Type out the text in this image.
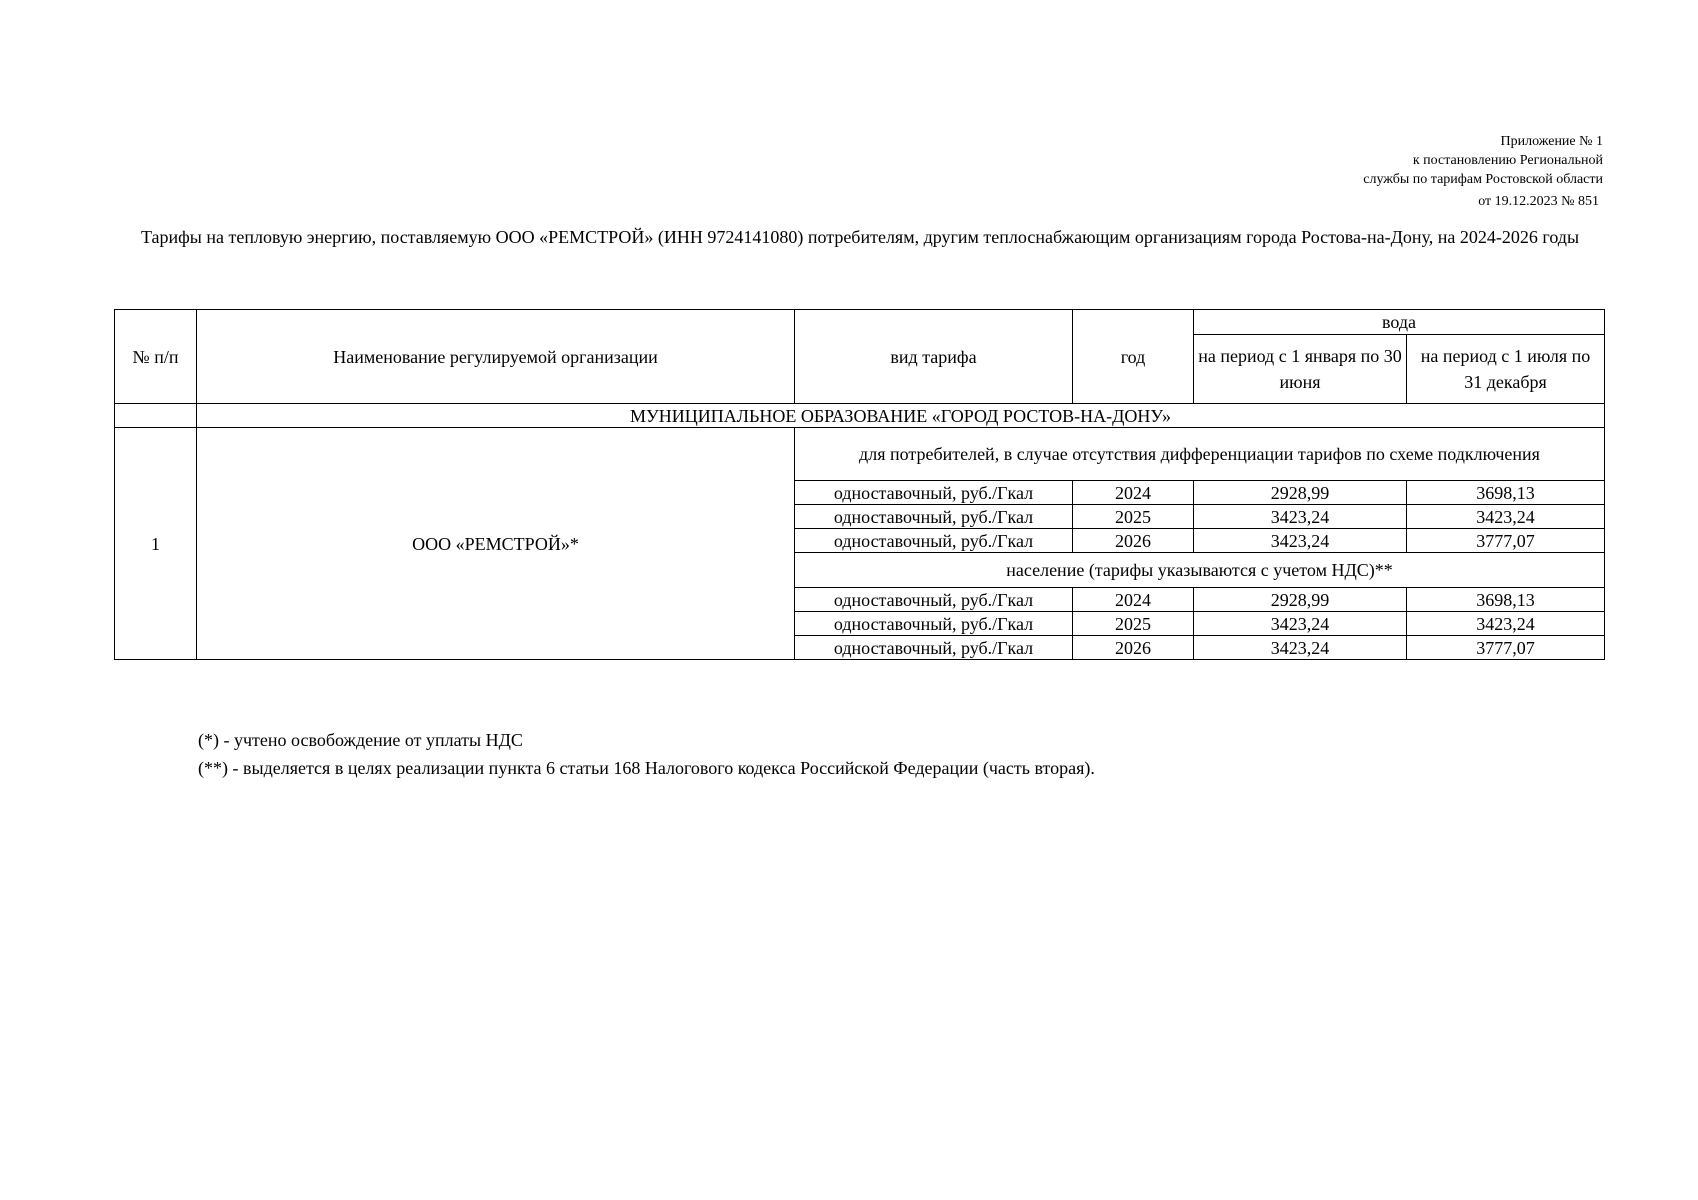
Приложение № 1
к постановлению Региональной
службы по тарифам Ростовской области
от 19.12.2023 № 851
Тарифы на тепловую энергию, поставляемую ООО «РЕМСТРОЙ» (ИНН 9724141080) потребителям, другим теплоснабжающим организациям города Ростова-на-Дону, на 2024-2026 годы
№ п/п	Наименование регулируемой организации	вид тарифа	год	вода	
				на период с 1 января по 30 июня	на период с 1 июля по 31 декабря
	МУНИЦИПАЛЬНОЕ ОБРАЗОВАНИЕ «ГОРОД РОСТОВ-НА-ДОНУ»				
1	ООО «РЕМСТРОЙ»*	для потребителей, в случае отсутствия дифференциации тарифов по схеме подключения			
		одноставочный, руб./Гкал	2024	2928,99	3698,13
		одноставочный, руб./Гкал	2025	3423,24	3423,24
		одноставочный, руб./Гкал	2026	3423,24	3777,07
		население (тарифы указываются с учетом НДС)**			
		одноставочный, руб./Гкал	2024	2928,99	3698,13
		одноставочный, руб./Гкал	2025	3423,24	3423,24
		одноставочный, руб./Гкал	2026	3423,24	3777,07
(*) - учтено освобождение от уплаты НДС
(**) - выделяется в целях реализации пункта 6 статьи 168 Налогового кодекса Российской Федерации (часть вторая).
